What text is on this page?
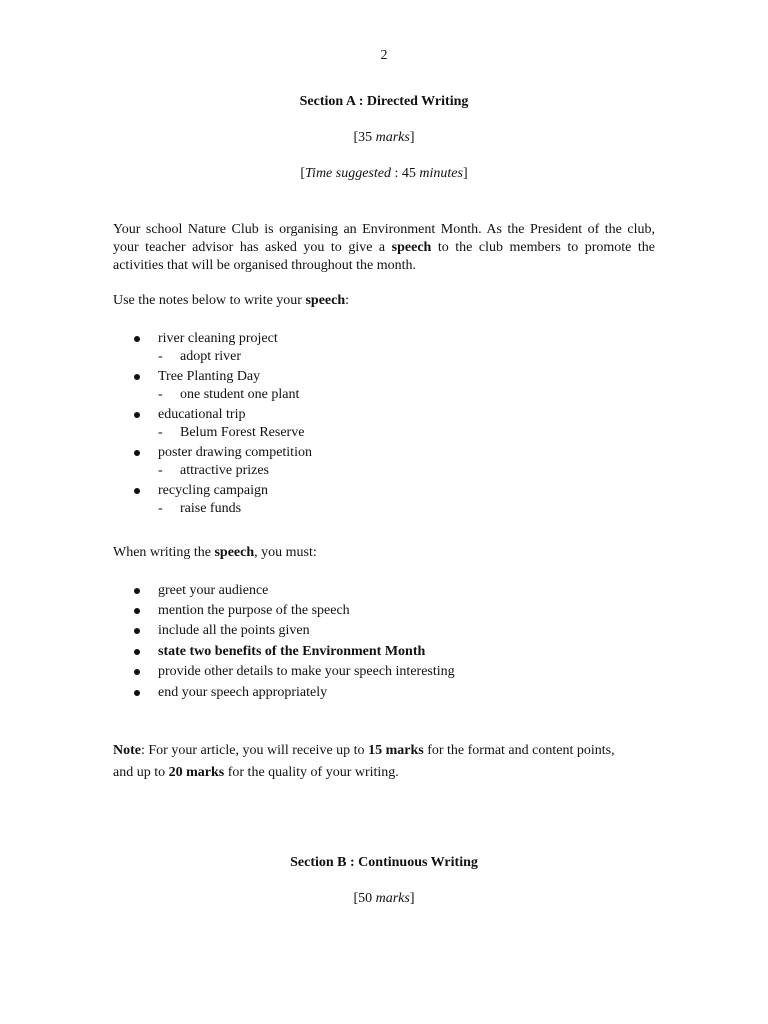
2
Section A : Directed Writing
[35 marks]
[Time suggested : 45 minutes]
Your school Nature Club is organising an Environment Month. As the President of the club, your teacher advisor has asked you to give a speech to the club members to promote the activities that will be organised throughout the month.
Use the notes below to write your speech:
river cleaning project
- adopt river
Tree Planting Day
- one student one plant
educational trip
- Belum Forest Reserve
poster drawing competition
- attractive prizes
recycling campaign
- raise funds
When writing the speech, you must:
greet your audience
mention the purpose of the speech
include all the points given
state two benefits of the Environment Month
provide other details to make your speech interesting
end your speech appropriately
Note: For your article, you will receive up to 15 marks for the format and content points,
and up to 20 marks for the quality of your writing.
Section B : Continuous Writing
[50 marks]
